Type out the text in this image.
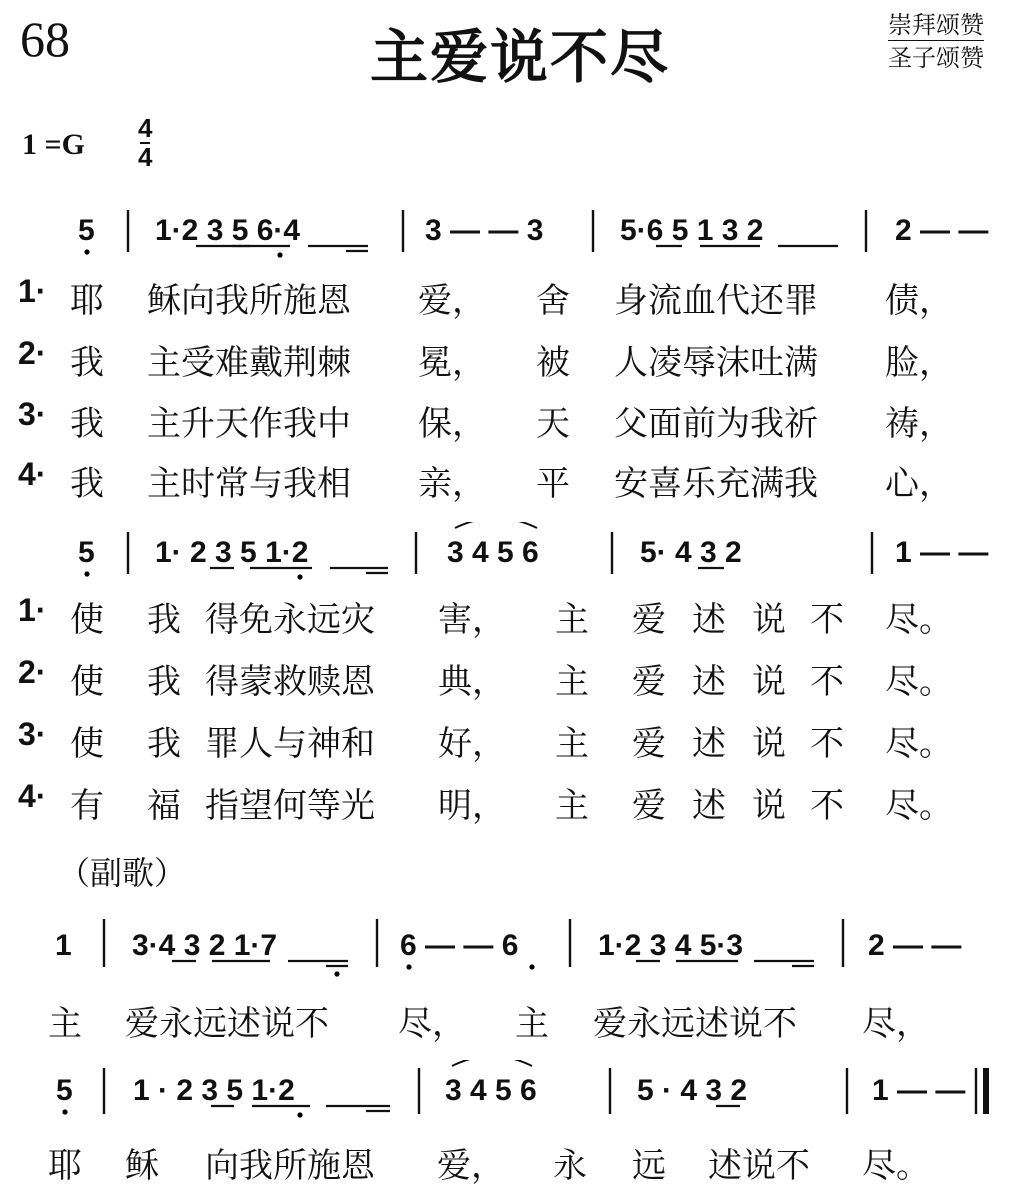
68	主爱说不尽	崇拜颂赞
圣子颂赞
1 =G 4
4
5 1·2 3 5 6·4	3 — — 3	5·6 5 1 3 2	2 — —
1· 耶 稣向我所施恩 爱， 舍 身流血代还罪 债，
2· 我 主受难戴荆棘 冕， 被 人凌辱沫吐满 脸，
3· 我 主升天作我中 保， 天 父面前为我祈 祷，
4· 我 主时常与我相 亲， 平 安喜乐充满我 心，
5 1· 2 3 5 1·2	3 4 5 6	5· 4 3 2	1 — —
1· 使 我 得免永远灾 害， 主 爱 述 说 不 尽。
2· 使 我 得蒙救赎恩 典， 主 爱 述 说 不 尽。
3· 使 我 罪人与神和 好， 主 爱 述 说 不 尽。
4· 有 福 指望何等光 明， 主 爱 述 说 不 尽。
（副歌）
1 3·4 3 2 1·7	6 — — 6	1·2 3 4 5·3	2 — —
主 爱永远述说不 尽， 主 爱永远述说不 尽，
5 1 · 2 3 5 1·2	3 4 5 6	5 · 4 3 2	1 — —
耶 稣 向我所施恩 爱， 永 远 述说不 尽。
